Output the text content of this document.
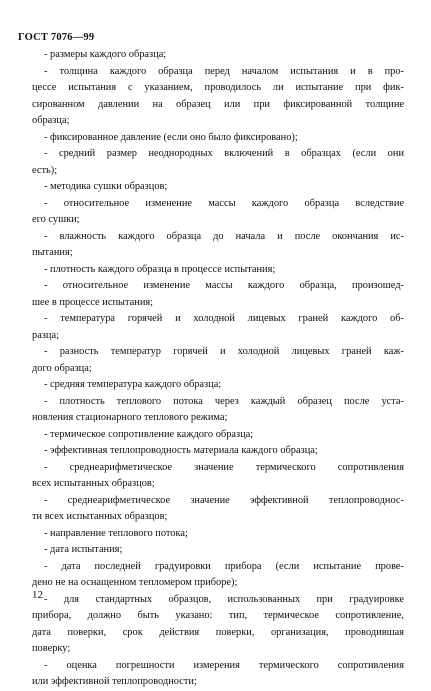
ГОСТ 7076—99
- размеры каждого образца;
- толщина каждого образца перед началом испытания и в про-
цессе испытания с указанием, проводилось ли испытание при фик-
сированном давлении на образец или при фиксированной толщине
образца;
- фиксированное давление (если оно было фиксировано);
- средний размер неоднородных включений в образцах (если они
есть);
- методика сушки образцов;
- относительное изменение массы каждого образца вследствие
его сушки;
- влажность каждого образца до начала и после окончания ис-
пытания;
- плотность каждого образца в процессе испытания;
- относительное изменение массы каждого образца, произошед-
шее в процессе испытания;
- температура горячей и холодной лицевых граней каждого об-
разца;
- разность температур горячей и холодной лицевых граней каж-
дого образца;
- средняя температура каждого образца;
- плотность теплового потока через каждый образец после уста-
новления стационарного теплового режима;
- термическое сопротивление каждого образца;
- эффективная теплопроводность материала каждого образца;
- среднеарифметическое значение термического сопротивления
всех испытанных образцов;
- среднеарифметическое значение эффективной теплопроводнос-
ти всех испытанных образцов;
- направление теплового потока;
- дата испытания;
- дата последней градуировки прибора (если испытание прове-
дено не на оснащенном тепломером приборе);
- для стандартных образцов, использованных при градуировке
прибора, должно быть указано: тип, термическое сопротивление,
дата поверки, срок действия поверки, организация, проводившая
поверку;
- оценка погрешности измерения термического сопротивления
или эффективной теплопроводности;
12
